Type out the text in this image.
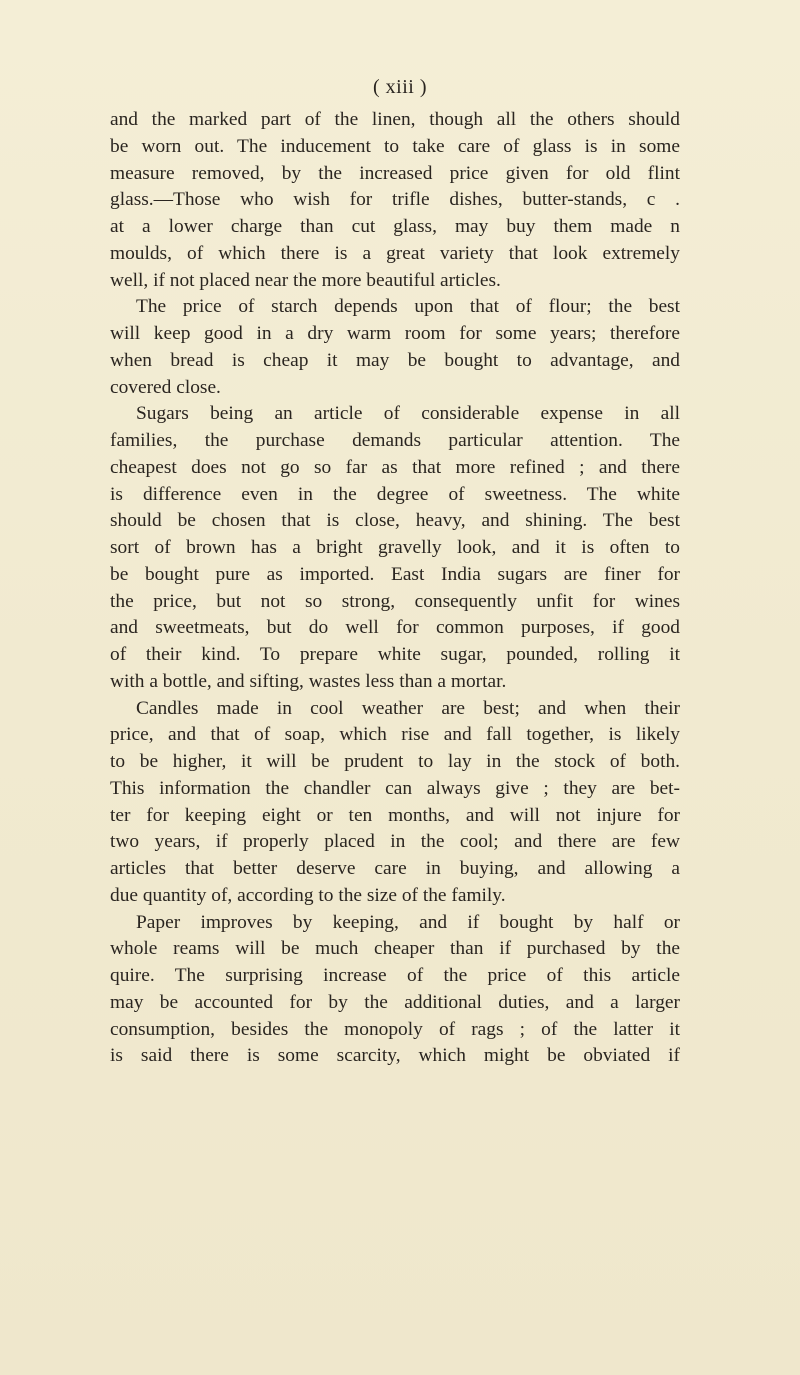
( xiii )
and the marked part of the linen, though all the others should
be worn out. The inducement to take care of glass is in some
measure removed, by the increased price given for old flint
glass.—Those who wish for trifle dishes, butter-stands, c .
at a lower charge than cut glass, may buy them made n
moulds, of which there is a great variety that look extremely
well, if not placed near the more beautiful articles.
The price of starch depends upon that of flour; the best
will keep good in a dry warm room for some years; therefore
when bread is cheap it may be bought to advantage, and
covered close.
Sugars being an article of considerable expense in all
families, the purchase demands particular attention. The
cheapest does not go so far as that more refined ; and there
is difference even in the degree of sweetness. The white
should be chosen that is close, heavy, and shining. The best
sort of brown has a bright gravelly look, and it is often to
be bought pure as imported. East India sugars are finer for
the price, but not so strong, consequently unfit for wines
and sweetmeats, but do well for common purposes, if good
of their kind. To prepare white sugar, pounded, rolling it
with a bottle, and sifting, wastes less than a mortar.
Candles made in cool weather are best; and when their
price, and that of soap, which rise and fall together, is likely
to be higher, it will be prudent to lay in the stock of both.
This information the chandler can always give ; they are bet-
ter for keeping eight or ten months, and will not injure for
two years, if properly placed in the cool; and there are few
articles that better deserve care in buying, and allowing a
due quantity of, according to the size of the family.
Paper improves by keeping, and if bought by half or
whole reams will be much cheaper than if purchased by the
quire. The surprising increase of the price of this article
may be accounted for by the additional duties, and a larger
consumption, besides the monopoly of rags ; of the latter it
is said there is some scarcity, which might be obviated if
